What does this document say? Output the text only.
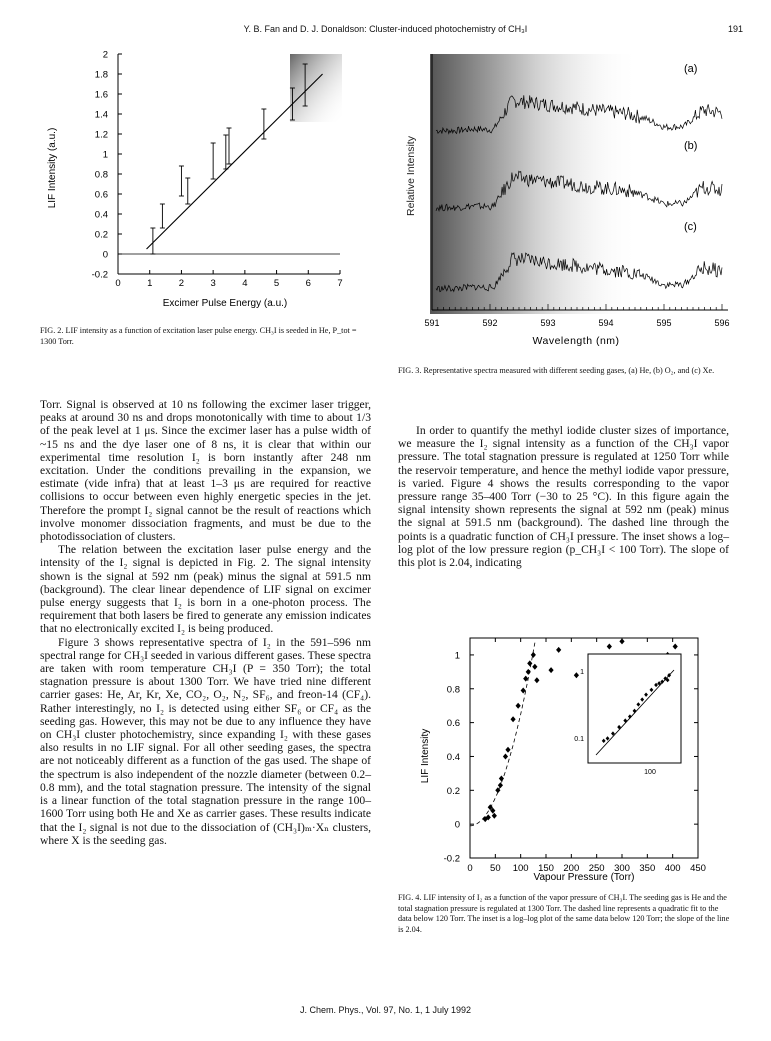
Y. B. Fan and D. J. Donaldson: Cluster-induced photochemistry of CH₃I	191
2
1.8
1.6
1.4
1.2
1
0.8
0.6
0.4
0.2
0
-0.2
0	1	2	3	4	5	6	7
LIF Intensity (a.u.)
Excimer Pulse Energy (a.u.)
FIG. 2. LIF intensity as a function of excitation laser pulse energy. CH₃I is seeded in He, P_tot = 1300 Torr.
591	592	593	594	595	596
(a)
(b)
(c)
Relative Intensity
Wavelength (nm)
FIG. 3. Representative spectra measured with different seeding gases, (a) He, (b) O₂, and (c) Xe.

Torr. Signal is observed at 10 ns following the excimer laser trigger, peaks at around 30 ns and drops monotonically with time to about 1/3 of the peak level at 1 μs. Since the excimer laser has a pulse width of ~15 ns and the dye laser one of 8 ns, it is clear that within our experimental time resolution I₂ is born instantly after 248 nm excitation. Under the conditions prevailing in the expansion, we estimate (vide infra) that at least 1–3 μs are required for reactive collisions to occur between even highly energetic species in the jet. Therefore the prompt I₂ signal cannot be the result of reactions which involve monomer dissociation fragments, and must be due to the photodissociation of clusters.

The relation between the excitation laser pulse energy and the intensity of the I₂ signal is depicted in Fig. 2. The signal intensity shown is the signal at 592 nm (peak) minus the signal at 591.5 nm (background). The clear linear dependence of LIF signal on excimer pulse energy suggests that I₂ is born in a one-photon process. The requirement that both lasers be fired to generate any emission indicates that no electronically excited I₂ is being produced.

Figure 3 shows representative spectra of I₂ in the 591–596 nm spectral range for CH₃I seeded in various different gases. These spectra are taken with room temperature CH₃I (P = 350 Torr); the total stagnation pressure is about 1300 Torr. We have tried nine different carrier gases: He, Ar, Kr, Xe, CO₂, O₂, N₂, SF₆, and freon-14 (CF₄). Rather interestingly, no I₂ is detected using either SF₆ or CF₄ as the seeding gas. However, this may not be due to any influence they have on CH₃I cluster photochemistry, since expanding I₂ with these gases also results in no LIF signal. For all other seeding gases, the spectra are not noticeably different as a function of the gas used. The shape of the spectrum is also independent of the nozzle diameter (between 0.2–0.8 mm), and the total stagnation pressure. The intensity of the signal is a linear function of the total stagnation pressure in the range 100–1600 Torr using both He and Xe as carrier gases. These results indicate that the I₂ signal is not due to the dissociation of (CH₃I)ₘ·Xₙ clusters, where X is the seeding gas.

In order to quantify the methyl iodide cluster sizes of importance, we measure the I₂ signal intensity as a function of the CH₃I vapor pressure. The total stagnation pressure is regulated at 1250 Torr while the reservoir temperature, and hence the methyl iodide vapor pressure, is varied. Figure 4 shows the results corresponding to the vapor pressure range 35–400 Torr (−30 to 25 °C). In this figure again the signal intensity shown represents the signal at 592 nm (peak) minus the signal at 591.5 nm (background). The dashed line through the points is a quadratic function of CH₃I pressure. The inset shows a log–log plot of the low pressure region (p_CH₃I < 100 Torr). The slope of this plot is 2.04, indicating

1
0.8
0.6
0.4
0.2
0
-0.2
0 50 100 150 200 250 300 350 400 450
1
0.1
100
LIF Intensity
Vapour Pressure (Torr)
FIG. 4. LIF intensity of I₂ as a function of the vapor pressure of CH₃I. The seeding gas is He and the total stagnation pressure is regulated at 1300 Torr. The dashed line represents a quadratic fit to the data below 120 Torr. The inset is a log–log plot of the same data below 120 Torr; the slope of the line is 2.04.
J. Chem. Phys., Vol. 97, No. 1, 1 July 1992
